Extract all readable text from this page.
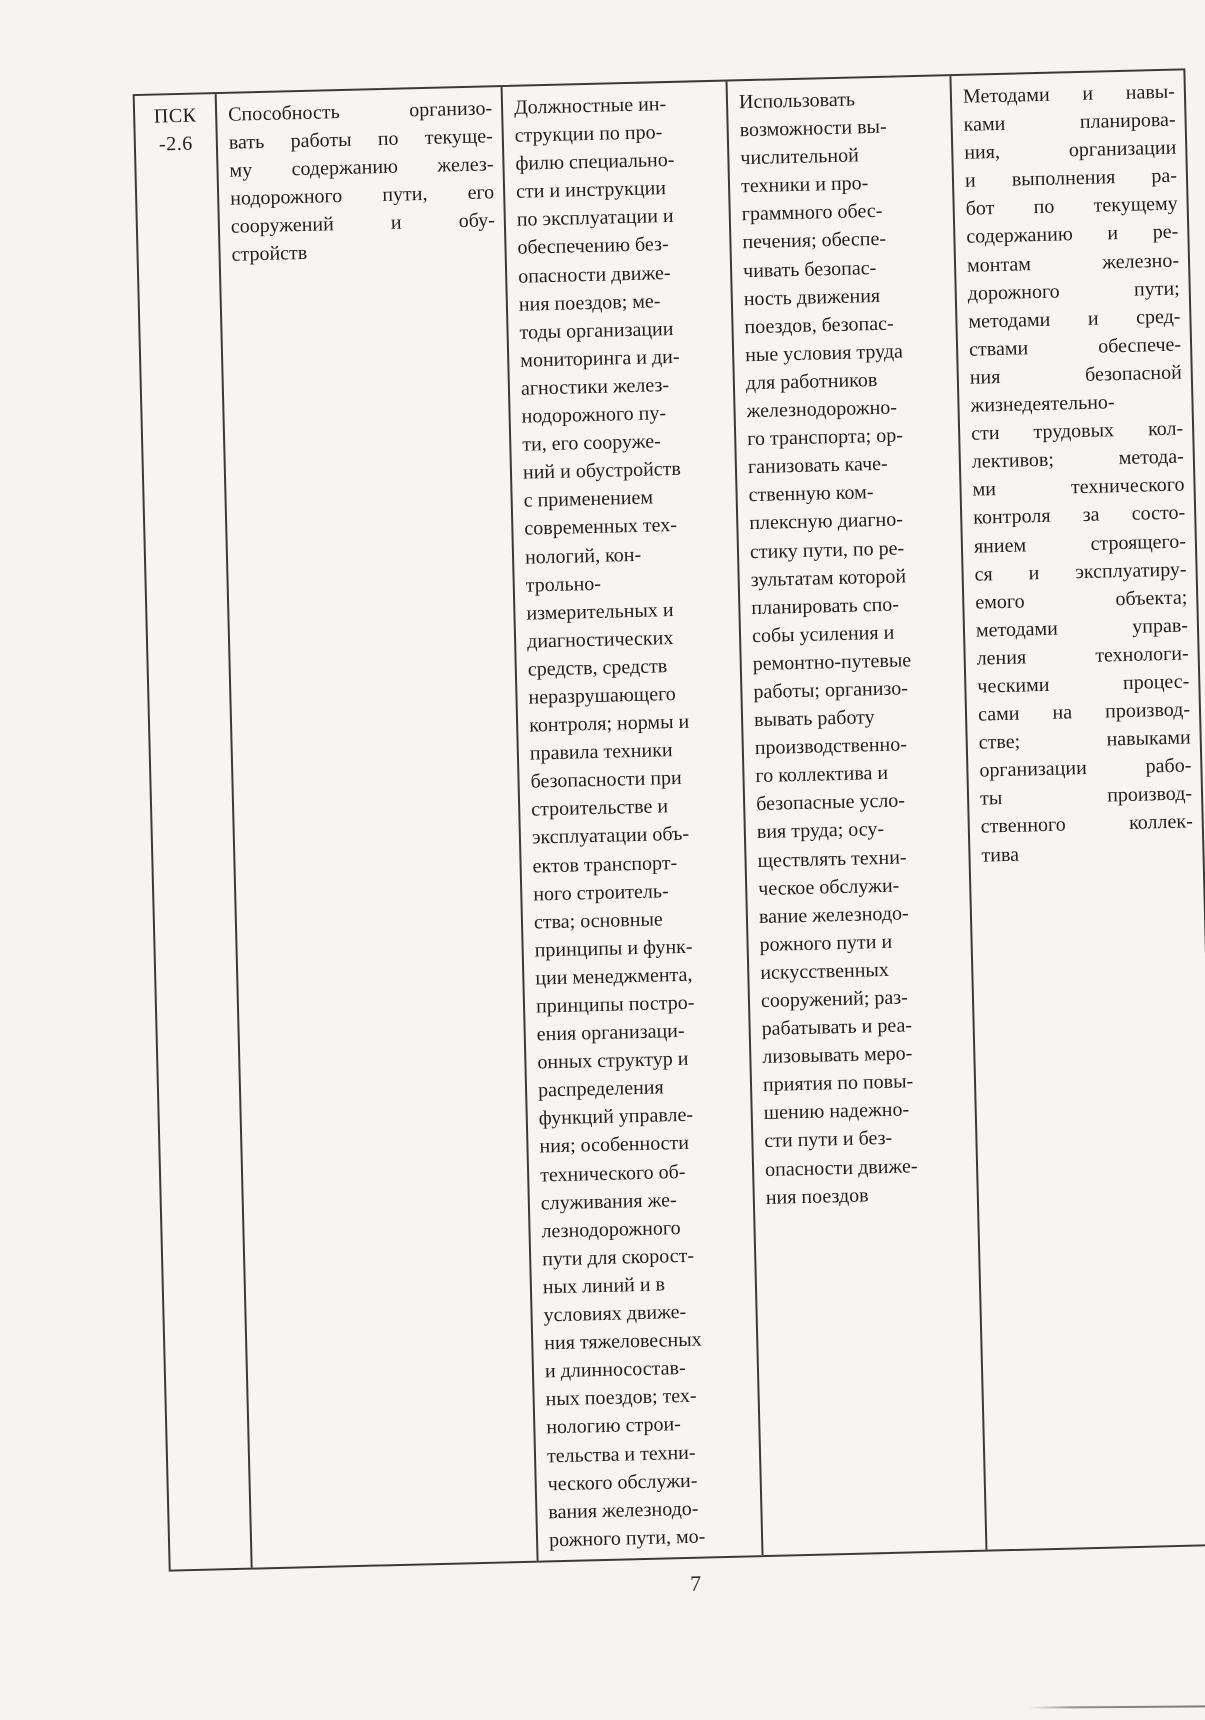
ПСК
-2.6
Способность организо-
вать работы по текуще-
му содержанию желез-
нодорожного пути, его
сооружений и обу-
стройств
Должностные ин-
струкции по про-
филю специально-
сти и инструкции
по эксплуатации и
обеспечению без-
опасности движе-
ния поездов; ме-
тоды организации
мониторинга и ди-
агностики желез-
нодорожного пу-
ти, его сооруже-
ний и обустройств
с применением
современных тех-
нологий, кон-
трольно-
измерительных и
диагностических
средств, средств
неразрушающего
контроля; нормы и
правила техники
безопасности при
строительстве и
эксплуатации объ-
ектов транспорт-
ного строитель-
ства; основные
принципы и функ-
ции менеджмента,
принципы постро-
ения организаци-
онных структур и
распределения
функций управле-
ния; особенности
технического об-
служивания же-
лезнодорожного
пути для скорост-
ных линий и в
условиях движе-
ния тяжеловесных
и длинносостав-
ных поездов; тех-
нологию строи-
тельства и техни-
ческого обслужи-
вания железнодо-
рожного пути, мо-
Использовать
возможности вы-
числительной
техники и про-
граммного обес-
печения; обеспе-
чивать безопас-
ность движения
поездов, безопас-
ные условия труда
для работников
железнодорожно-
го транспорта; ор-
ганизовать каче-
ственную ком-
плексную диагно-
стику пути, по ре-
зультатам которой
планировать спо-
собы усиления и
ремонтно-путевые
работы; организо-
вывать работу
производственно-
го коллектива и
безопасные усло-
вия труда; осу-
ществлять техни-
ческое обслужи-
вание железнодо-
рожного пути и
искусственных
сооружений; раз-
рабатывать и реа-
лизовывать меро-
приятия по повы-
шению надежно-
сти пути и без-
опасности движе-
ния поездов
Методами и навы-
ками планирова-
ния, организации
и выполнения ра-
бот по текущему
содержанию и ре-
монтам железно-
дорожного пути;
методами и сред-
ствами обеспече-
ния безопасной
жизнедеятельно-
сти трудовых кол-
лективов; метода-
ми технического
контроля за состо-
янием строящего-
ся и эксплуатиру-
емого объекта;
методами управ-
ления технологи-
ческими процес-
сами на производ-
стве; навыками
организации рабо-
ты производ-
ственного коллек-
тива
7
